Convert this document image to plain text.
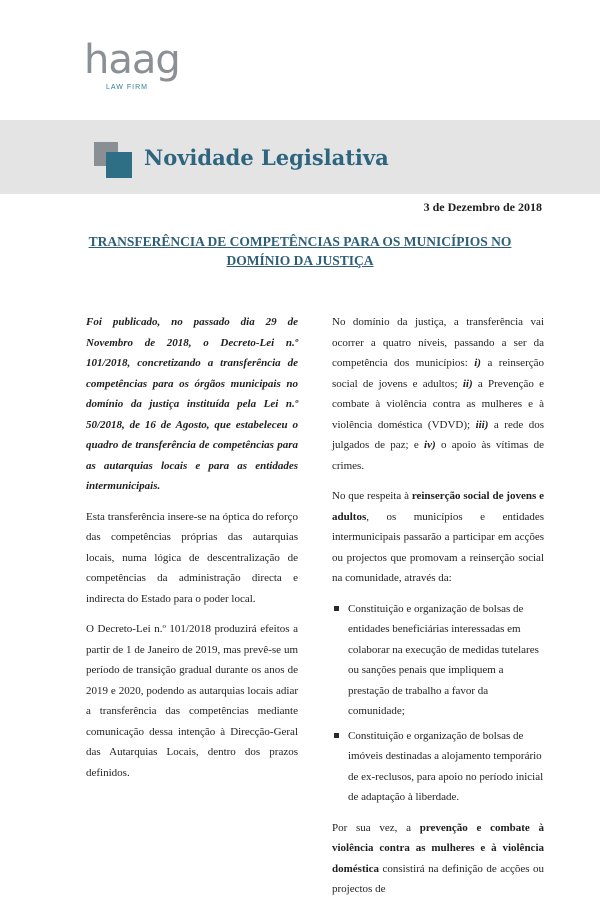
haag
LAW FIRM
Novidade Legislativa
3 de Dezembro de 2018
TRANSFERÊNCIA DE COMPETÊNCIAS PARA OS MUNICÍPIOS NO DOMÍNIO DA JUSTIÇA

Foi publicado, no passado dia 29 de Novembro de 2018, o Decreto-Lei n.º 101/2018, concretizando a transferência de competências para os órgãos municipais no domínio da justiça instituída pela Lei n.º 50/2018, de 16 de Agosto, que estabeleceu o quadro de transferência de competências para as autarquias locais e para as entidades intermunicipais.

Esta transferência insere-se na óptica do reforço das competências próprias das autarquias locais, numa lógica de descentralização de competências da administração directa e indirecta do Estado para o poder local.

O Decreto-Lei n.º 101/2018 produzirá efeitos a partir de 1 de Janeiro de 2019, mas prevê-se um período de transição gradual durante os anos de 2019 e 2020, podendo as autarquias locais adiar a transferência das competências mediante comunicação dessa intenção à Direcção-Geral das Autarquias Locais, dentro dos prazos definidos.

No domínio da justiça, a transferência vai ocorrer a quatro níveis, passando a ser da competência dos municípios: i) a reinserção social de jovens e adultos; ii) a Prevenção e combate à violência contra as mulheres e à violência doméstica (VDVD); iii) a rede dos julgados de paz; e iv) o apoio às vítimas de crimes.

No que respeita à reinserção social de jovens e adultos, os municípios e entidades intermunicipais passarão a participar em acções ou projectos que promovam a reinserção social na comunidade, através da:

Constituição e organização de bolsas de entidades beneficiárias interessadas em colaborar na execução de medidas tutelares ou sanções penais que impliquem a prestação de trabalho a favor da comunidade;
Constituição e organização de bolsas de imóveis destinadas a alojamento temporário de ex-reclusos, para apoio no período inicial de adaptação à liberdade.

Por sua vez, a prevenção e combate à violência contra as mulheres e à violência doméstica consistirá na definição de acções ou projectos de
